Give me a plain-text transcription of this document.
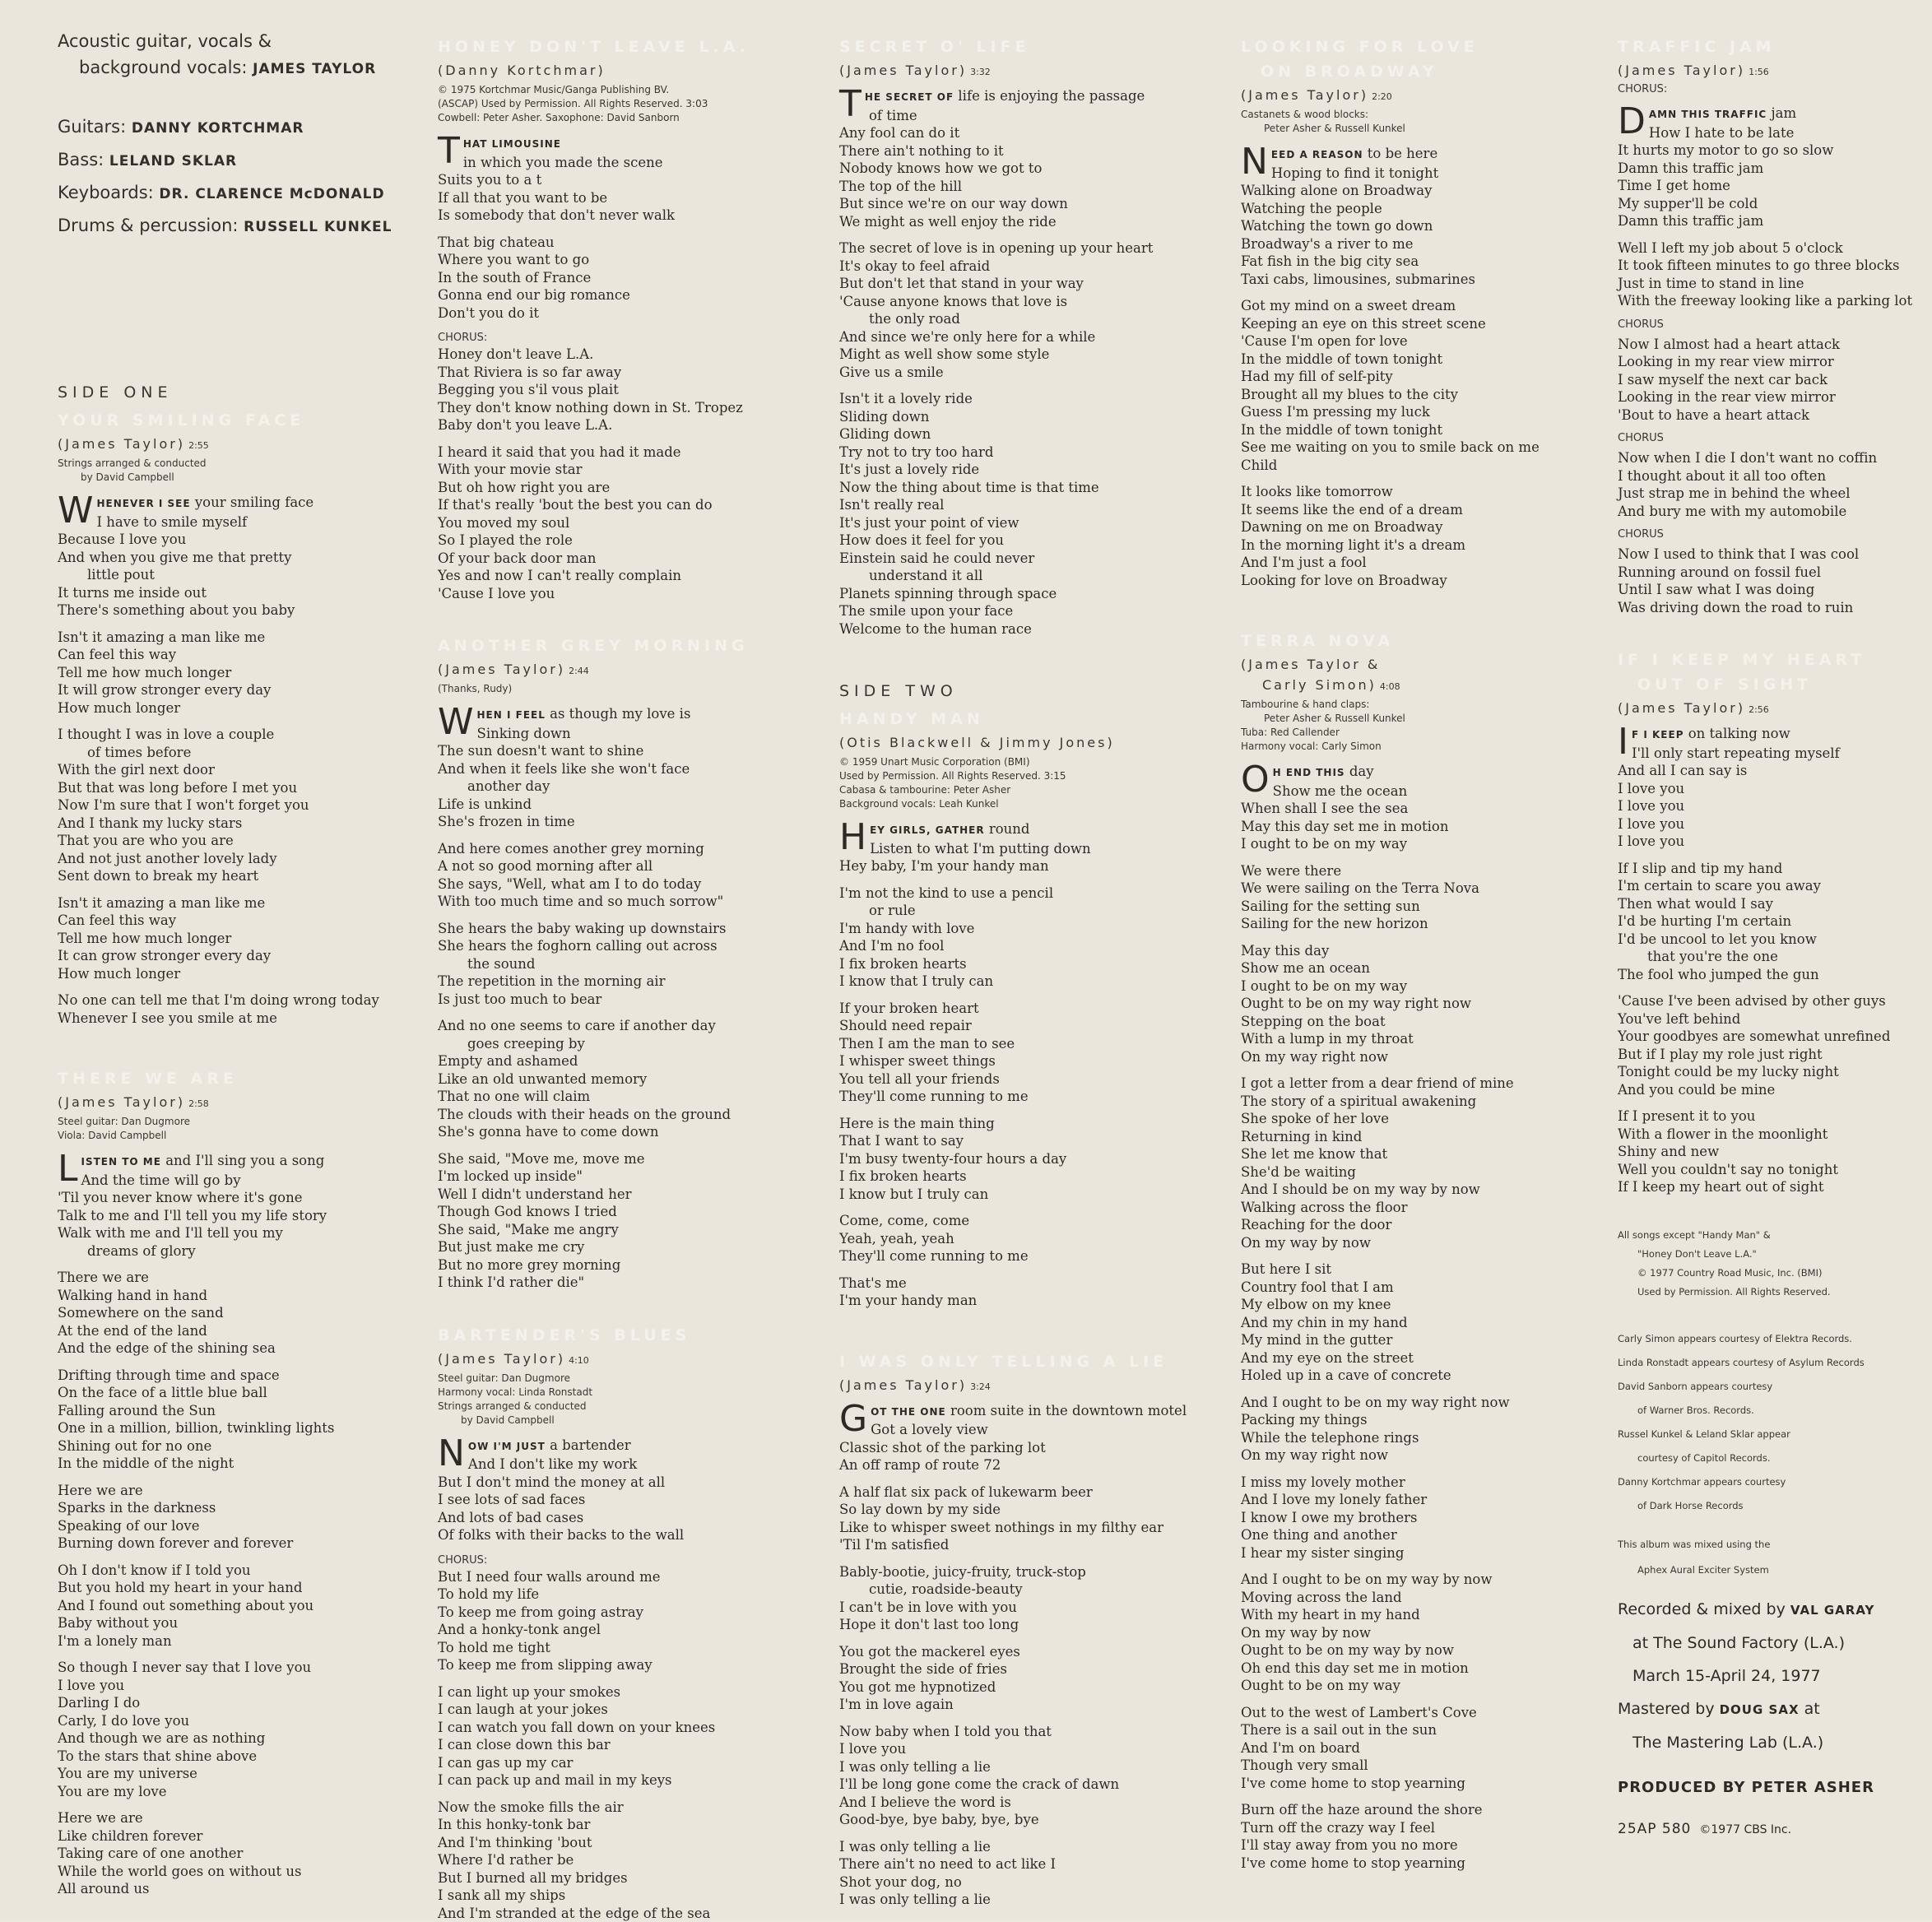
Acoustic guitar, vocals &
background vocals: JAMES TAYLOR
Guitars: DANNY KORTCHMAR
Bass: LELAND SKLAR
Keyboards: DR. CLARENCE McDONALD
Drums & percussion: RUSSELL KUNKEL
SIDE ONE
YOUR SMILING FACE
(James Taylor) 2:55
Strings arranged & conducted
by David Campbell
WHENEVER I SEE your smiling face
I have to smile myself
Because I love you
And when you give me that pretty
little pout
It turns me inside out
There's something about you baby
Isn't it amazing a man like me
Can feel this way
Tell me how much longer
It will grow stronger every day
How much longer
I thought I was in love a couple
of times before
With the girl next door
But that was long before I met you
Now I'm sure that I won't forget you
And I thank my lucky stars
That you are who you are
And not just another lovely lady
Sent down to break my heart
Isn't it amazing a man like me
Can feel this way
Tell me how much longer
It can grow stronger every day
How much longer
No one can tell me that I'm doing wrong today
Whenever I see you smile at me
THERE WE ARE
(James Taylor) 2:58
Steel guitar: Dan Dugmore
Viola: David Campbell
LISTEN TO ME and I'll sing you a song
And the time will go by
'Til you never know where it's gone
Talk to me and I'll tell you my life story
Walk with me and I'll tell you my
dreams of glory
There we are
Walking hand in hand
Somewhere on the sand
At the end of the land
And the edge of the shining sea
Drifting through time and space
On the face of a little blue ball
Falling around the Sun
One in a million, billion, twinkling lights
Shining out for no one
In the middle of the night
Here we are
Sparks in the darkness
Speaking of our love
Burning down forever and forever
Oh I don't know if I told you
But you hold my heart in your hand
And I found out something about you
Baby without you
I'm a lonely man
So though I never say that I love you
I love you
Darling I do
Carly, I do love you
And though we are as nothing
To the stars that shine above
You are my universe
You are my love
Here we are
Like children forever
Taking care of one another
While the world goes on without us
All around us
HONEY DON'T LEAVE L.A.
(Danny Kortchmar)
© 1975 Kortchmar Music/Ganga Publishing BV.
(ASCAP) Used by Permission. All Rights Reserved. 3:03
Cowbell: Peter Asher. Saxophone: David Sanborn
THAT LIMOUSINE
in which you made the scene
Suits you to a t
If all that you want to be
Is somebody that don't never walk
That big chateau
Where you want to go
In the south of France
Gonna end our big romance
Don't you do it
CHORUS:
Honey don't leave L.A.
That Riviera is so far away
Begging you s'il vous plait
They don't know nothing down in St. Tropez
Baby don't you leave L.A.
I heard it said that you had it made
With your movie star
But oh how right you are
If that's really 'bout the best you can do
You moved my soul
So I played the role
Of your back door man
Yes and now I can't really complain
'Cause I love you
ANOTHER GREY MORNING
(James Taylor) 2:44
(Thanks, Rudy)
WHEN I FEEL as though my love is
Sinking down
The sun doesn't want to shine
And when it feels like she won't face
another day
Life is unkind
She's frozen in time
And here comes another grey morning
A not so good morning after all
She says, "Well, what am I to do today
With too much time and so much sorrow"
She hears the baby waking up downstairs
She hears the foghorn calling out across
the sound
The repetition in the morning air
Is just too much to bear
And no one seems to care if another day
goes creeping by
Empty and ashamed
Like an old unwanted memory
That no one will claim
The clouds with their heads on the ground
She's gonna have to come down
She said, "Move me, move me
I'm locked up inside"
Well I didn't understand her
Though God knows I tried
She said, "Make me angry
But just make me cry
But no more grey morning
I think I'd rather die"
BARTENDER'S BLUES
(James Taylor) 4:10
Steel guitar: Dan Dugmore
Harmony vocal: Linda Ronstadt
Strings arranged & conducted
by David Campbell
NOW I'M JUST a bartender
And I don't like my work
But I don't mind the money at all
I see lots of sad faces
And lots of bad cases
Of folks with their backs to the wall
CHORUS:
But I need four walls around me
To hold my life
To keep me from going astray
And a honky-tonk angel
To hold me tight
To keep me from slipping away
I can light up your smokes
I can laugh at your jokes
I can watch you fall down on your knees
I can close down this bar
I can gas up my car
I can pack up and mail in my keys
Now the smoke fills the air
In this honky-tonk bar
And I'm thinking 'bout
Where I'd rather be
But I burned all my bridges
I sank all my ships
And I'm stranded at the edge of the sea
SECRET O' LIFE
(James Taylor) 3:32
THE SECRET OF life is enjoying the passage
of time
Any fool can do it
There ain't nothing to it
Nobody knows how we got to
The top of the hill
But since we're on our way down
We might as well enjoy the ride
The secret of love is in opening up your heart
It's okay to feel afraid
But don't let that stand in your way
'Cause anyone knows that love is
the only road
And since we're only here for a while
Might as well show some style
Give us a smile
Isn't it a lovely ride
Sliding down
Gliding down
Try not to try too hard
It's just a lovely ride
Now the thing about time is that time
Isn't really real
It's just your point of view
How does it feel for you
Einstein said he could never
understand it all
Planets spinning through space
The smile upon your face
Welcome to the human race
SIDE TWO
HANDY MAN
(Otis Blackwell & Jimmy Jones)
© 1959 Unart Music Corporation (BMI)
Used by Permission. All Rights Reserved. 3:15
Cabasa & tambourine: Peter Asher
Background vocals: Leah Kunkel
HEY GIRLS, GATHER round
Listen to what I'm putting down
Hey baby, I'm your handy man
I'm not the kind to use a pencil
or rule
I'm handy with love
And I'm no fool
I fix broken hearts
I know that I truly can
If your broken heart
Should need repair
Then I am the man to see
I whisper sweet things
You tell all your friends
They'll come running to me
Here is the main thing
That I want to say
I'm busy twenty-four hours a day
I fix broken hearts
I know but I truly can
Come, come, come
Yeah, yeah, yeah
They'll come running to me
That's me
I'm your handy man
I WAS ONLY TELLING A LIE
(James Taylor) 3:24
GOT THE ONE room suite in the downtown motel
Got a lovely view
Classic shot of the parking lot
An off ramp of route 72
A half flat six pack of lukewarm beer
So lay down by my side
Like to whisper sweet nothings in my filthy ear
'Til I'm satisfied
Bably-bootie, juicy-fruity, truck-stop
cutie, roadside-beauty
I can't be in love with you
Hope it don't last too long
You got the mackerel eyes
Brought the side of fries
You got me hypnotized
I'm in love again
Now baby when I told you that
I love you
I was only telling a lie
I'll be long gone come the crack of dawn
And I believe the word is
Good-bye, bye baby, bye, bye
I was only telling a lie
There ain't no need to act like I
Shot your dog, no
I was only telling a lie
LOOKING FOR LOVE
ON BROADWAY
(James Taylor) 2:20
Castanets & wood blocks:
Peter Asher & Russell Kunkel
NEED A REASON to be here
Hoping to find it tonight
Walking alone on Broadway
Watching the people
Watching the town go down
Broadway's a river to me
Fat fish in the big city sea
Taxi cabs, limousines, submarines
Got my mind on a sweet dream
Keeping an eye on this street scene
'Cause I'm open for love
In the middle of town tonight
Had my fill of self-pity
Brought all my blues to the city
Guess I'm pressing my luck
In the middle of town tonight
See me waiting on you to smile back on me
Child
It looks like tomorrow
It seems like the end of a dream
Dawning on me on Broadway
In the morning light it's a dream
And I'm just a fool
Looking for love on Broadway
TERRA NOVA
(James Taylor &
Carly Simon) 4:08
Tambourine & hand claps:
Peter Asher & Russell Kunkel
Tuba: Red Callender
Harmony vocal: Carly Simon
O H END THIS day
Show me the ocean
When shall I see the sea
May this day set me in motion
I ought to be on my way
We were there
We were sailing on the Terra Nova
Sailing for the setting sun
Sailing for the new horizon
May this day
Show me an ocean
I ought to be on my way
Ought to be on my way right now
Stepping on the boat
With a lump in my throat
On my way right now
I got a letter from a dear friend of mine
The story of a spiritual awakening
She spoke of her love
Returning in kind
She let me know that
She'd be waiting
And I should be on my way by now
Walking across the floor
Reaching for the door
On my way by now
But here I sit
Country fool that I am
My elbow on my knee
And my chin in my hand
My mind in the gutter
And my eye on the street
Holed up in a cave of concrete
And I ought to be on my way right now
Packing my things
While the telephone rings
On my way right now
I miss my lovely mother
And I love my lonely father
I know I owe my brothers
One thing and another
I hear my sister singing
And I ought to be on my way by now
Moving across the land
With my heart in my hand
On my way by now
Ought to be on my way by now
Oh end this day set me in motion
Ought to be on my way
Out to the west of Lambert's Cove
There is a sail out in the sun
And I'm on board
Though very small
I've come home to stop yearning
Burn off the haze around the shore
Turn off the crazy way I feel
I'll stay away from you no more
I've come home to stop yearning
TRAFFIC JAM
(James Taylor) 1:56
CHORUS:
DAMN THIS TRAFFIC jam
How I hate to be late
It hurts my motor to go so slow
Damn this traffic jam
Time I get home
My supper'll be cold
Damn this traffic jam
Well I left my job about 5 o'clock
It took fifteen minutes to go three blocks
Just in time to stand in line
With the freeway looking like a parking lot
CHORUS
Now I almost had a heart attack
Looking in my rear view mirror
I saw myself the next car back
Looking in the rear view mirror
'Bout to have a heart attack
CHORUS
Now when I die I don't want no coffin
I thought about it all too often
Just strap me in behind the wheel
And bury me with my automobile
CHORUS
Now I used to think that I was cool
Running around on fossil fuel
Until I saw what I was doing
Was driving down the road to ruin
IF I KEEP MY HEART
OUT OF SIGHT
(James Taylor) 2:56
I F I KEEP on talking now
I'll only start repeating myself
And all I can say is
I love you
I love you
I love you
I love you
If I slip and tip my hand
I'm certain to scare you away
Then what would I say
I'd be hurting I'm certain
I'd be uncool to let you know
that you're the one
The fool who jumped the gun
'Cause I've been advised by other guys
You've left behind
Your goodbyes are somewhat unrefined
But if I play my role just right
Tonight could be my lucky night
And you could be mine
If I present it to you
With a flower in the moonlight
Shiny and new
Well you couldn't say no tonight
If I keep my heart out of sight
All songs except "Handy Man" &
"Honey Don't Leave L.A."
© 1977 Country Road Music, Inc. (BMI)
Used by Permission. All Rights Reserved.
Carly Simon appears courtesy of Elektra Records.
Linda Ronstadt appears courtesy of Asylum Records
David Sanborn appears courtesy
of Warner Bros. Records.
Russel Kunkel & Leland Sklar appear
courtesy of Capitol Records.
Danny Kortchmar appears courtesy
of Dark Horse Records
This album was mixed using the
Aphex Aural Exciter System
Recorded & mixed by VAL GARAY
at The Sound Factory (L.A.)
March 15-April 24, 1977
Mastered by DOUG SAX at
The Mastering Lab (L.A.)
PRODUCED BY PETER ASHER
25AP 580 ©1977 CBS Inc.
